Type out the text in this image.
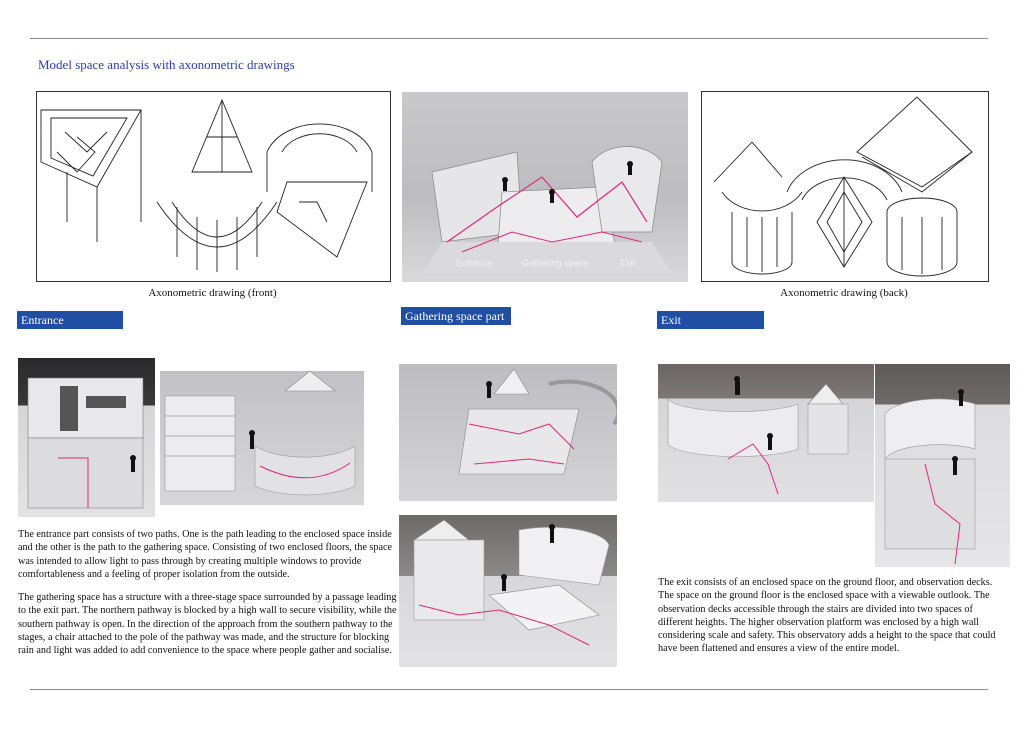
Model space analysis with axonometric drawings
Axonometric drawing (front)
Entrance	Gathering space	Exit
Axonometric drawing (back)
Entrance	Gathering space part	Exit

The entrance part consists of two paths. One is the path leading to the enclosed space inside and the other is the path to the gathering space. Consisting of two enclosed floors, the space was intended to allow light to pass through by creating multiple windows to provide comfortableness and a feeling of proper isolation from the outside.

The gathering space has a structure with a three-stage space surrounded by a passage leading to the exit part. The northern pathway is blocked by a high wall to secure visibility, while the southern pathway is open. In the direction of the approach from the southern pathway to the stages, a chair attached to the pole of the pathway was made, and the structure for blocking rain and light was added to add convenience to the space where people gather and socialise.

The exit consists of an enclosed space on the ground floor, and observation decks. The space on the ground floor is the enclosed space with a viewable outlook. The observation decks accessible through the stairs are divided into two spaces of different heights. The higher observation platform was enclosed by a high wall considering scale and safety. This observatory adds a height to the space that could have been flattened and ensures a view of the entire model.
